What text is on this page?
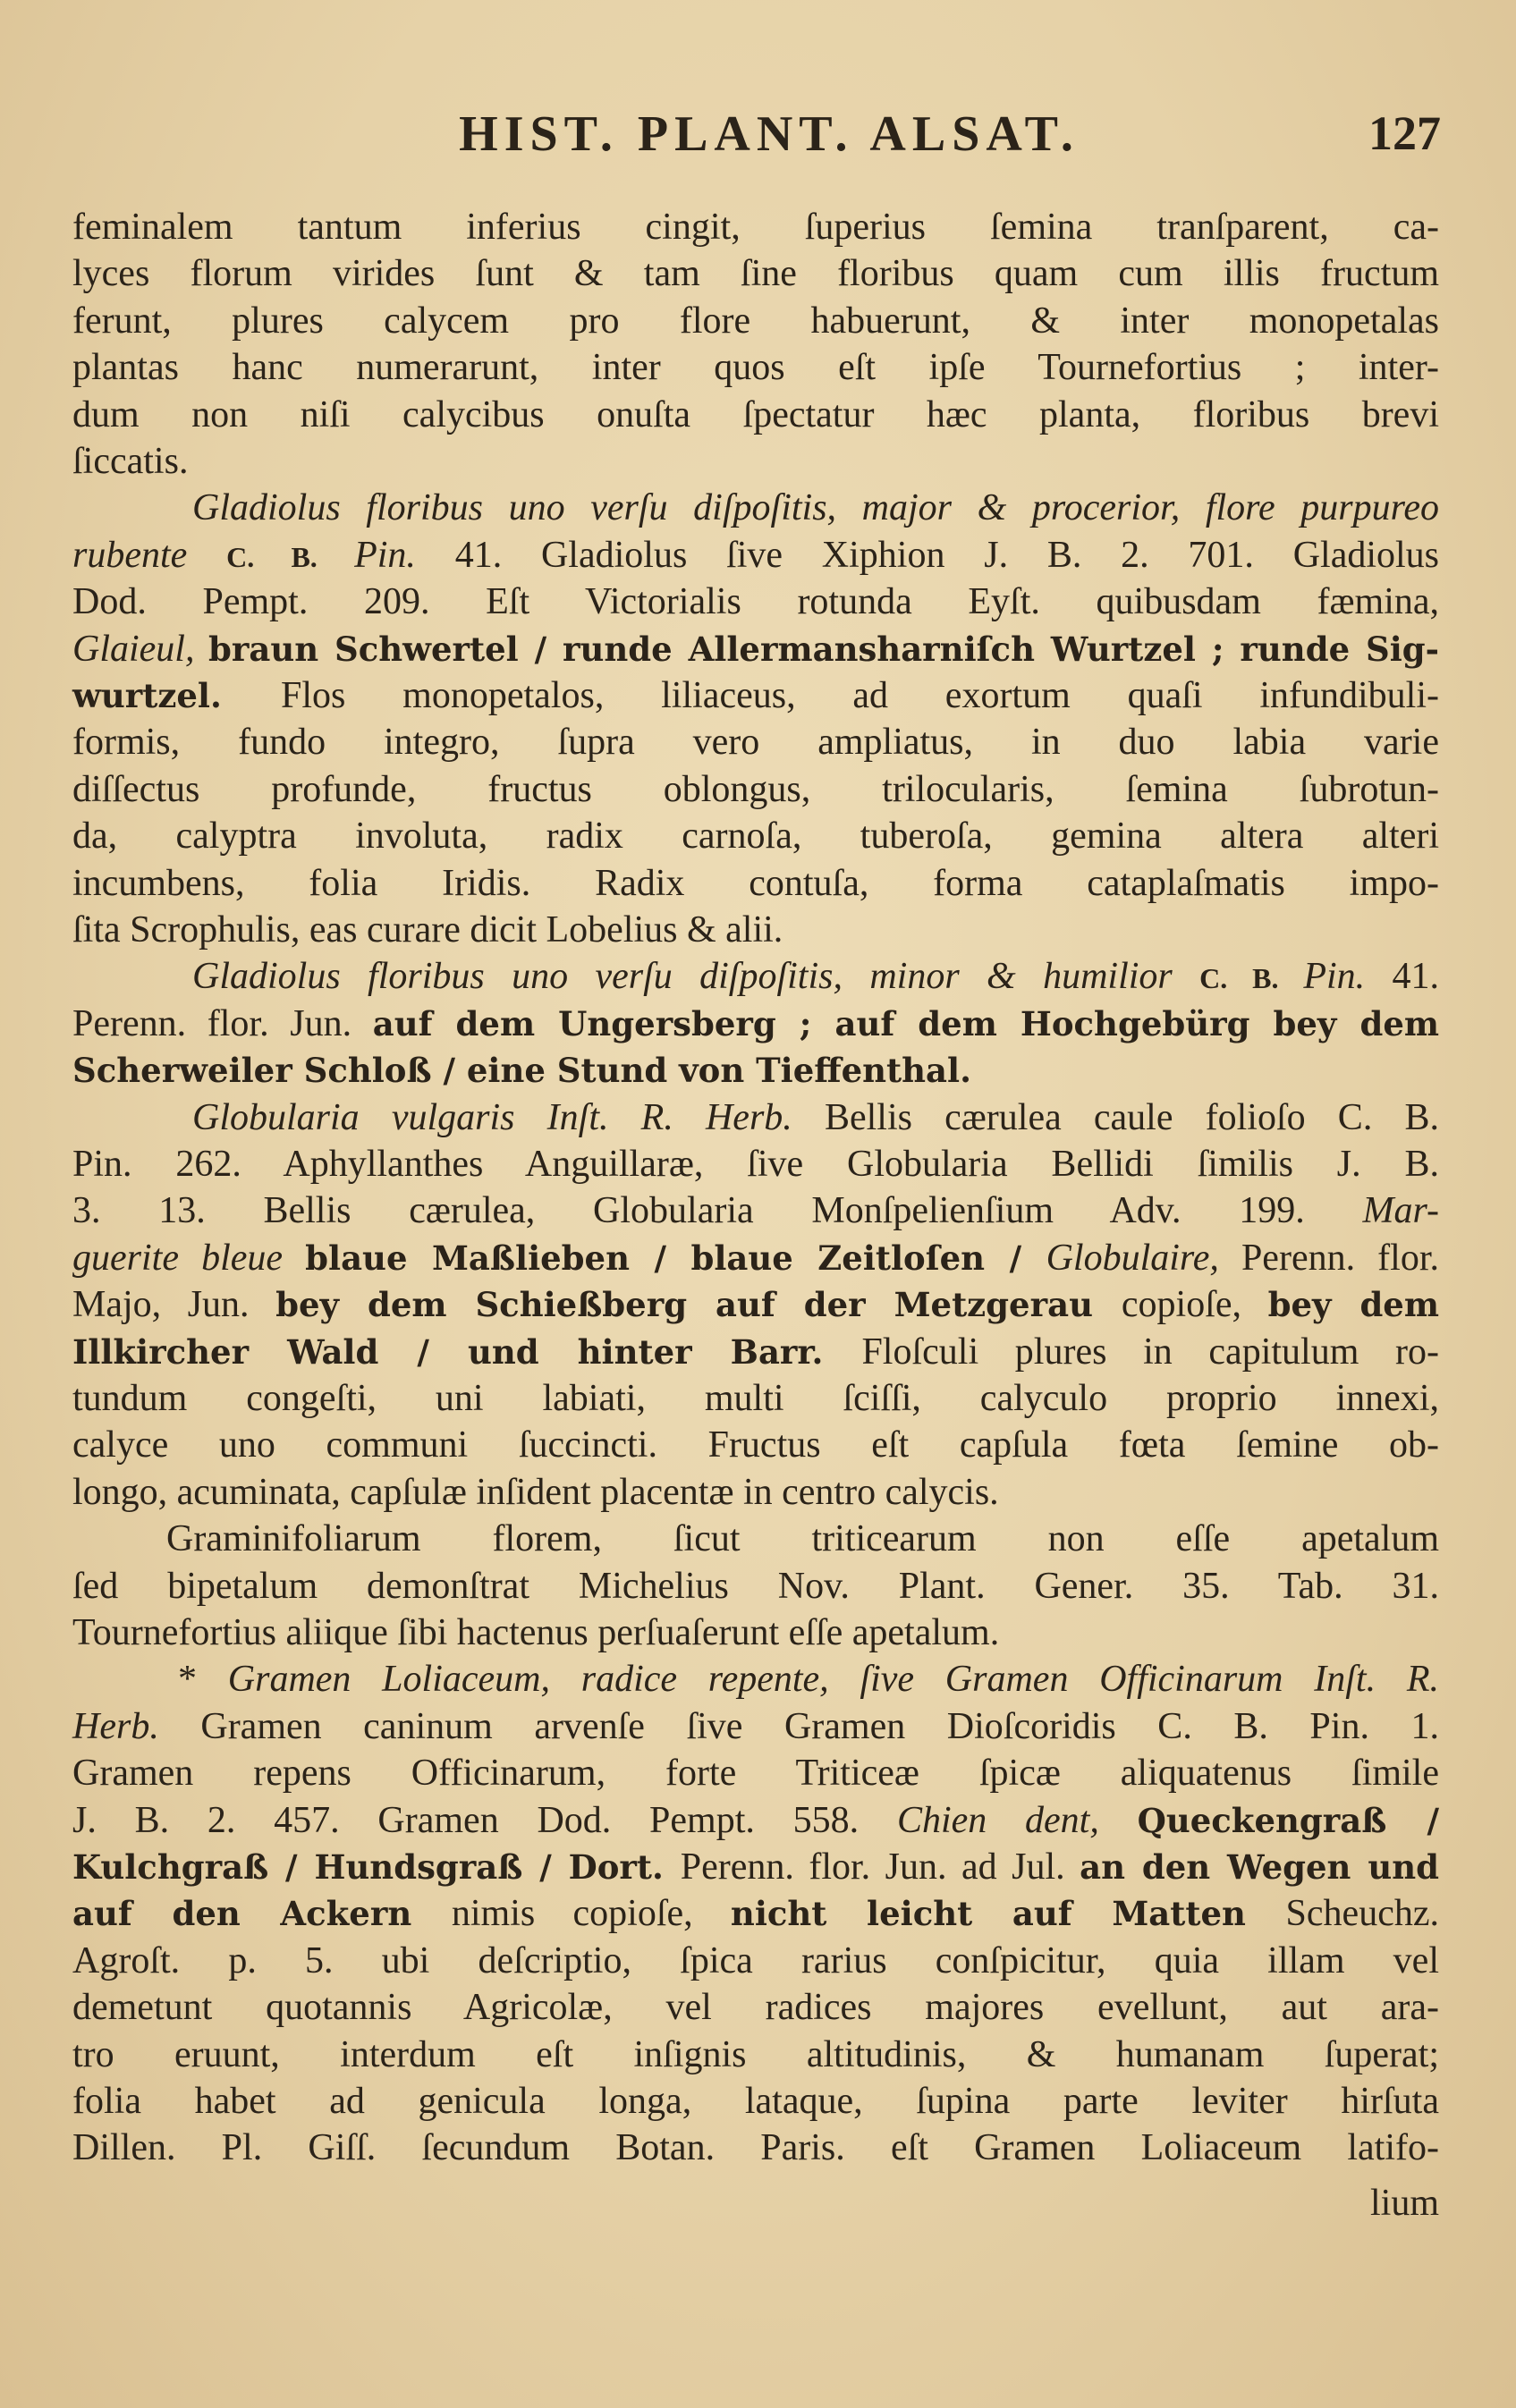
HIST. PLANT. ALSAT.	127
feminalem tantum inferius cingit, ſuperius ſemina tranſparent, ca-
lyces florum virides ſunt & tam ſine floribus quam cum illis fructum
ferunt, plures calycem pro flore habuerunt, & inter monopetalas
plantas hanc numerarunt, inter quos eſt ipſe Tournefortius ; inter-
dum non niſi calycibus onuſta ſpectatur hæc planta, floribus brevi
ſiccatis.
Gladiolus floribus uno verſu diſpoſitis, major & procerior, flore purpureo
rubente C. B. Pin. 41. Gladiolus ſive Xiphion J. B. 2. 701. Gladiolus
Dod. Pempt. 209. Eſt Victorialis rotunda Eyſt. quibusdam fæmina,
Glaieul, braun Schwertel / runde Allermansharniſch Wurtzel ; runde Sig-
wurtzel. Flos monopetalos, liliaceus, ad exortum quaſi infundibuli-
formis, fundo integro, ſupra vero ampliatus, in duo labia varie
diſſectus profunde, fructus oblongus, trilocularis, ſemina ſubrotun-
da, calyptra involuta, radix carnoſa, tuberoſa, gemina altera alteri
incumbens, folia Iridis. Radix contuſa, forma cataplaſmatis impo-
ſita Scrophulis, eas curare dicit Lobelius & alii.
Gladiolus floribus uno verſu diſpoſitis, minor & humilior C. B. Pin. 41.
Perenn. flor. Jun. auf dem Ungersberg ; auf dem Hochgebürg bey dem
Scherweiler Schloß / eine Stund von Tieffenthal.
Globularia vulgaris Inſt. R. Herb. Bellis cærulea caule folioſo C. B.
Pin. 262. Aphyllanthes Anguillaræ, ſive Globularia Bellidi ſimilis J. B.
3. 13. Bellis cærulea, Globularia Monſpelienſium Adv. 199. Mar-
guerite bleue blaue Maßlieben / blaue Zeitloſen / Globulaire, Perenn. flor.
Majo, Jun. bey dem Schießberg auf der Metzgerau copioſe, bey dem
Illkircher Wald / und hinter Barr. Floſculi plures in capitulum ro-
tundum congeſti, uni labiati, multi ſciſſi, calyculo proprio innexi,
calyce uno communi ſuccincti. Fructus eſt capſula fœta ſemine ob-
longo, acuminata, capſulæ inſident placentæ in centro calycis.
Graminifoliarum florem, ſicut triticearum non eſſe apetalum
ſed bipetalum demonſtrat Michelius Nov. Plant. Gener. 35. Tab. 31.
Tournefortius aliique ſibi hactenus perſuaſerunt eſſe apetalum.
* Gramen Loliaceum, radice repente, ſive Gramen Officinarum Inſt. R.
Herb. Gramen caninum arvenſe ſive Gramen Dioſcoridis C. B. Pin. 1.
Gramen repens Officinarum, forte Triticeæ ſpicæ aliquatenus ſimile
J. B. 2. 457. Gramen Dod. Pempt. 558. Chien dent, Queckengraß /
Kulchgraß / Hundsgraß / Dort. Perenn. flor. Jun. ad Jul. an den Wegen und
auf den Ackern nimis copioſe, nicht leicht auf Matten Scheuchz.
Agroſt. p. 5. ubi deſcriptio, ſpica rarius conſpicitur, quia illam vel
demetunt quotannis Agricolæ, vel radices majores evellunt, aut ara-
tro eruunt, interdum eſt inſignis altitudinis, & humanam ſuperat;
folia habet ad genicula longa, lataque, ſupina parte leviter hirſuta
Dillen. Pl. Giſſ. ſecundum Botan. Paris. eſt Gramen Loliaceum latifo-
lium
